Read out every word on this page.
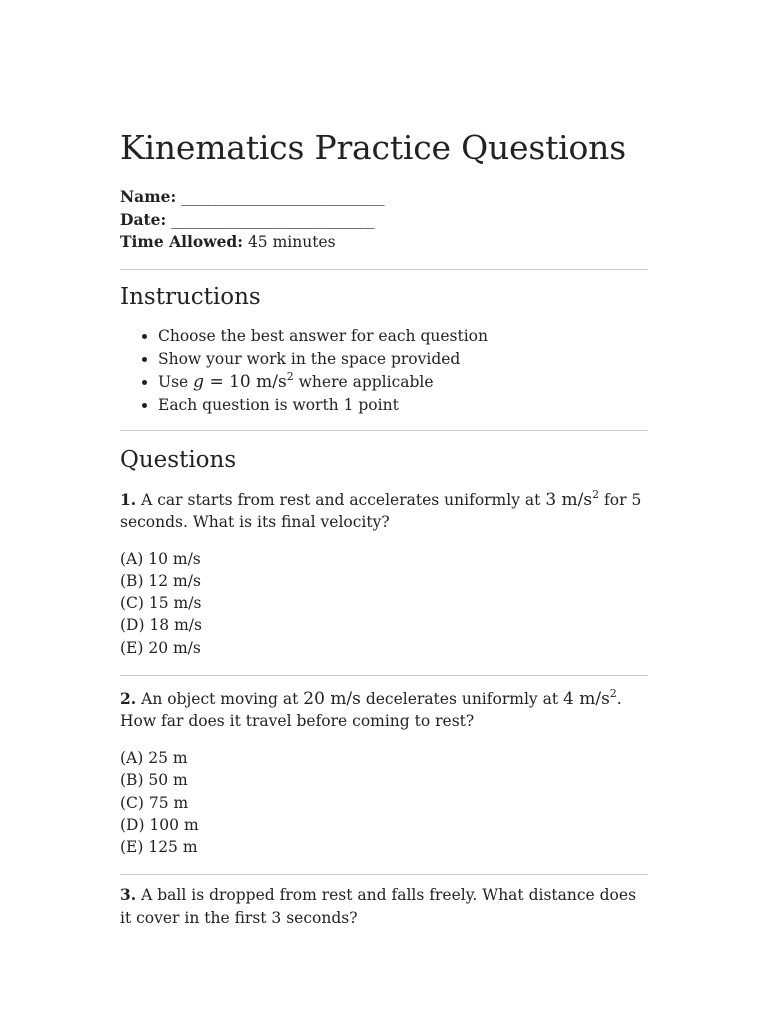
Kinematics Practice Questions
Name: ______________________________
Date: ______________________________
Time Allowed: 45 minutes
Instructions
• Choose the best answer for each question
• Show your work in the space provided
• Use g = 10 $m/s^2$ where applicable
• Each question is worth 1 point
Questions
1. A car starts from rest and accelerates uniformly at 3 $m/s^2$ for 5 seconds. What is its final velocity?
(A) 10 m/s
(B) 12 m/s
(C) 15 m/s
(D) 18 m/s
(E) 20 m/s
2. An object moving at 20 m/s decelerates uniformly at 4 $m/s^2$. How far does it travel before coming to rest?
(A) 25 m
(B) 50 m
(C) 75 m
(D) 100 m
(E) 125 m
3. A ball is dropped from rest and falls freely. What distance does it cover in the first 3 seconds?
